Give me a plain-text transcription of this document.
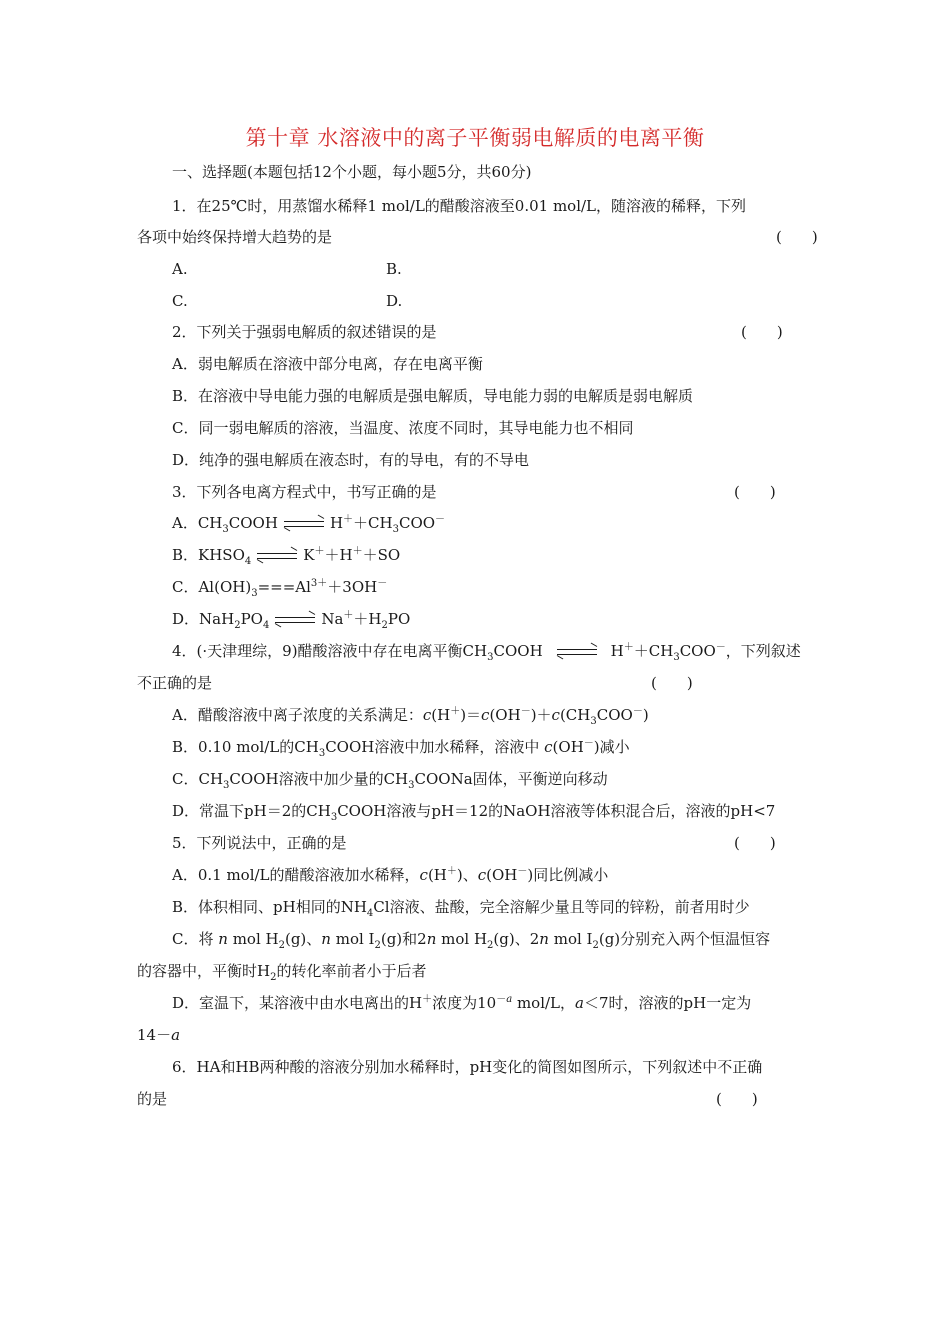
第十章 水溶液中的离子平衡弱电解质的电离平衡
一、选择题(本题包括12个小题，每小题5分，共60分)
1．在25℃时，用蒸馏水稀释1 mol/L的醋酸溶液至0.01 mol/L，随溶液的稀释，下列
各项中始终保持增大趋势的是	(　　)
A.	B.
C.	D.
2．下列关于强弱电解质的叙述错误的是	(　　)
A．弱电解质在溶液中部分电离，存在电离平衡
B．在溶液中导电能力强的电解质是强电解质，导电能力弱的电解质是弱电解质
C．同一弱电解质的溶液，当温度、浓度不同时，其导电能力也不相同
D．纯净的强电解质在液态时，有的导电，有的不导电
3．下列各电离方程式中，书写正确的是	(　　)
A．$CH_3COOH$	$H^++CH_3COO^-$
B．$KHSO_4$	K＋＋H＋＋SO
C．$Al(OH)_3===Al^{3+}+3OH^-$
D．$NaH_2PO_4$	$Na^++H_2PO$
4．(·天津理综，9)醋酸溶液中存在电离平衡$CH_3COOH$	$H^++CH_3COO^-$，下列叙述
不正确的是	(　　)
A．醋酸溶液中离子浓度的关系满足：$c(H^+)=c(OH^-)+c(CH_3COO^-)$
B．0.10 mol/L的$CH_3COOH$溶液中加水稀释，溶液中 c(OH－)减小
C．$CH_3COOH$溶液中加少量的$CH_3COONa$固体，平衡逆向移动
D．常温下pH＝2的$CH_3COOH$溶液与pH＝12的NaOH溶液等体积混合后，溶液的pH<7
5．下列说法中，正确的是	(　　)
A．0.1 mol/L的醋酸溶液加水稀释，c(H＋)、c(OH－)同比例减小
B．体积相同、pH相同的$NH_4Cl$溶液、盐酸，完全溶解少量且等同的锌粉，前者用时少
C．将 n mol $H_2(g)$、n mol $I_2(g)$和2n mol $H_2(g)$、2n mol $I_2(g)$分别充入两个恒温恒容
的容器中，平衡时$H_2$的转化率前者小于后者
D．室温下，某溶液中由水电离出的H＋浓度为$10^{-a}$ mol/L，a＜7时，溶液的pH一定为
14－a
6．HA和HB两种酸的溶液分别加水稀释时，pH变化的简图如图所示，下列叙述中不正确
的是	(　　)
